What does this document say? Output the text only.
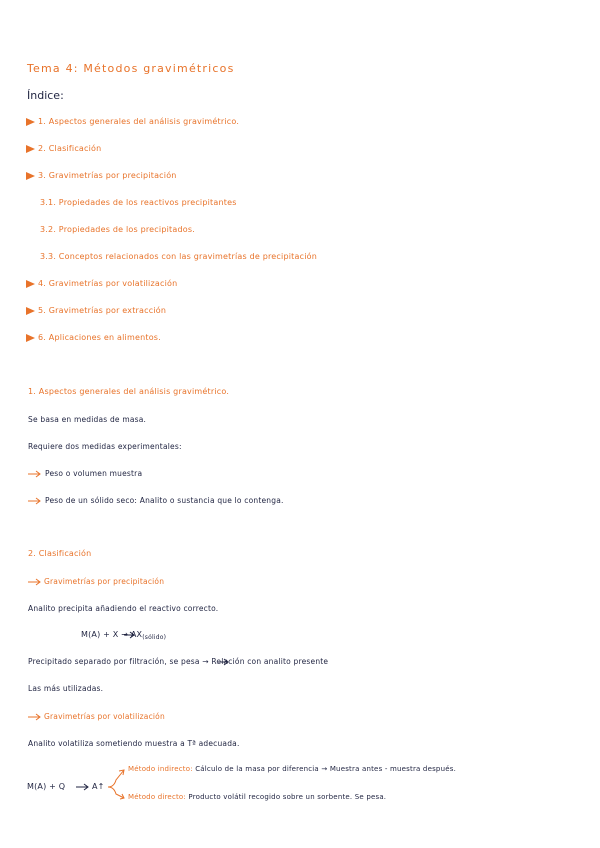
Tema 4: Métodos gravimétricos
Índice:
1. Aspectos generales del análisis gravimétrico.
2. Clasificación
3. Gravimetrías por precipitación
3.1. Propiedades de los reactivos precipitantes
3.2. Propiedades de los precipitados.
3.3. Conceptos relacionados con las gravimetrías de precipitación
4. Gravimetrías por volatilización
5. Gravimetrías por extracción
6. Aplicaciones en alimentos.
1. Aspectos generales del análisis gravimétrico.
Se basa en medidas de masa.
Requiere dos medidas experimentales:
Peso o volumen muestra
Peso de un sólido seco: Analito o sustancia que lo contenga.
2. Clasificación
Gravimetrías por precipitación
Analito precipita añadiendo el reactivo correcto.
$M(A) + X \to AX_{(sólido)}$
Precipitado separado por filtración, se pesa → Relación con analito presente
Las más utilizadas.
Gravimetrías por volatilización
Analito volatiliza sometiendo muestra a Tª adecuada.
M(A) + Q	A↑
Método indirecto: Cálculo de la masa por diferencia → Muestra antes - muestra después.
Método directo: Producto volátil recogido sobre un sorbente. Se pesa.
